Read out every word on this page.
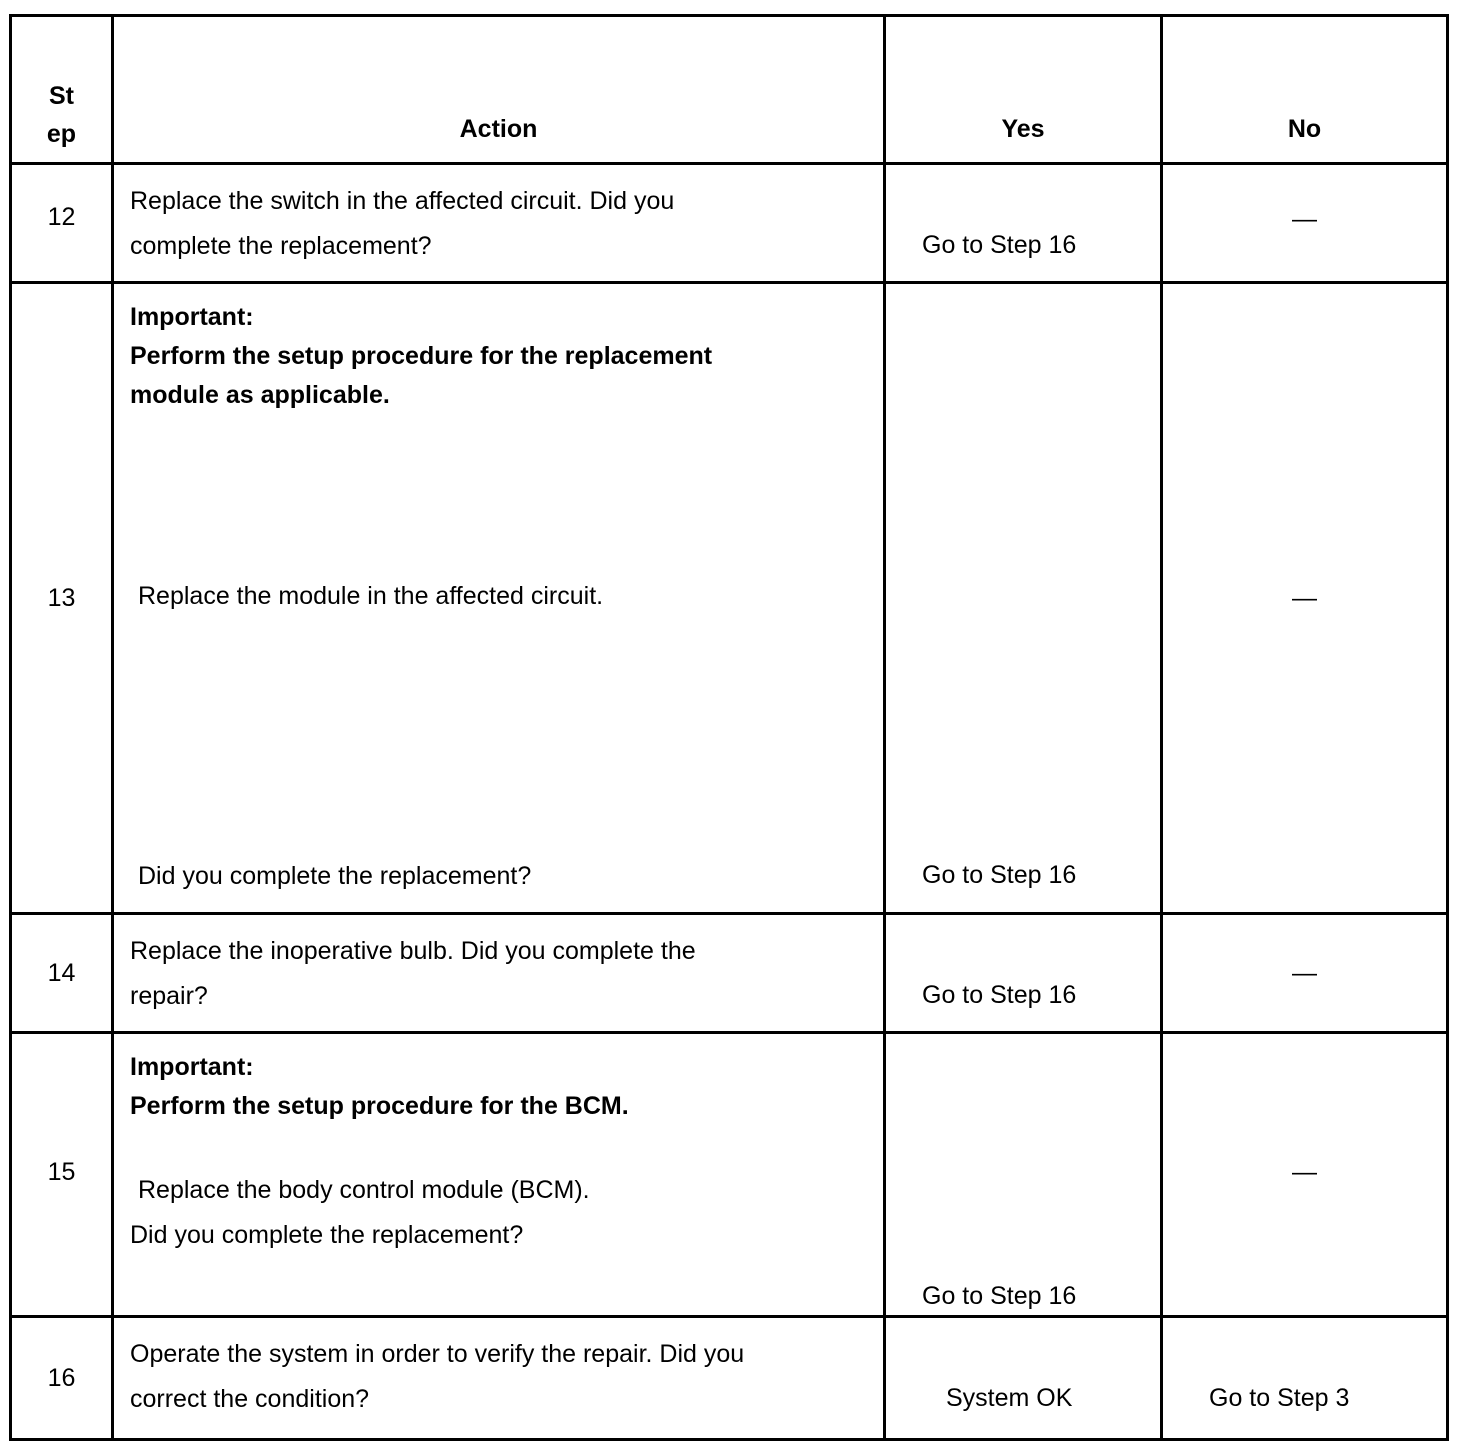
St
ep	Action	Yes	No

12	Replace the switch in the affected circuit. Did you
complete the replacement?	Go to Step 16	—

13	Important:
Perform the setup procedure for the replacement
module as applicable.
Replace the module in the affected circuit.
Did you complete the replacement?	Go to Step 16	—

14	Replace the inoperative bulb. Did you complete the
repair?	Go to Step 16	—

15	Important:
Perform the setup procedure for the BCM.
Replace the body control module (BCM).
Did you complete the replacement?	Go to Step 16	—

16	Operate the system in order to verify the repair. Did you
correct the condition?	System OK	Go to Step 3
